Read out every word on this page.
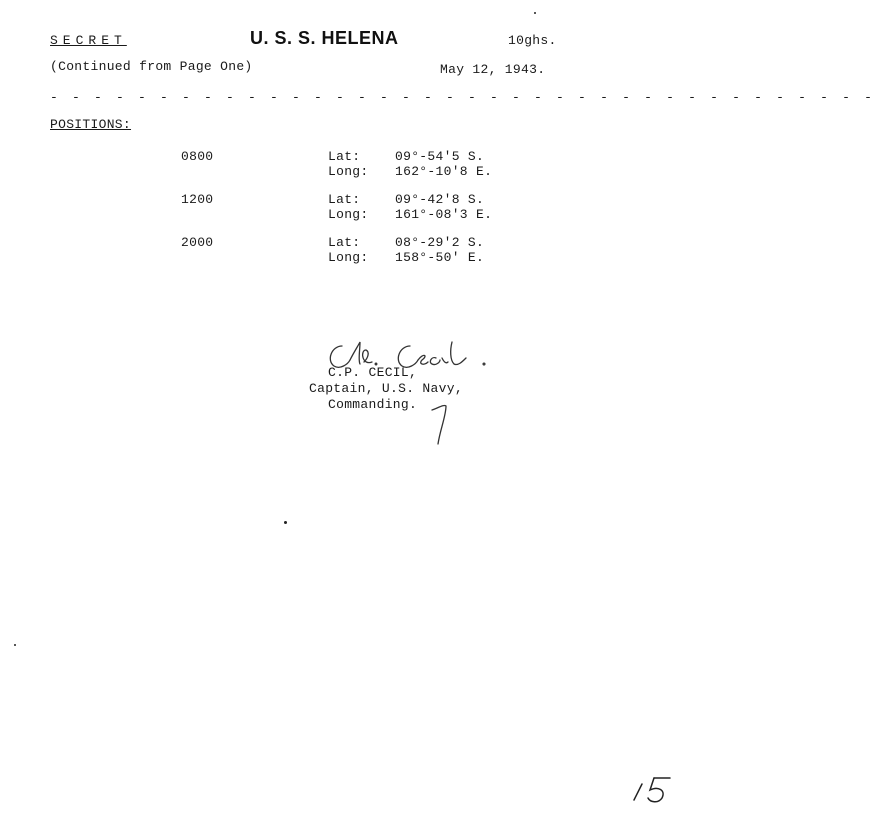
SECRET	U. S. S. HELENA	10ghs.
(Continued from Page One)	May 12, 1943.
- - - - - - - - - - - - - - - - - - - - - - - - - - - - - - - - - - - - - -
POSITIONS:
0800	Lat:	09°-54'5 S.
Long: 162°-10'8 E.
1200	Lat:	09°-42'8 S.
Long: 161°-08'3 E.
2000	Lat:	08°-29'2 S.
Long: 158°-50' E.
C.P. CECIL,
Captain, U.S. Navy,
Commanding.
